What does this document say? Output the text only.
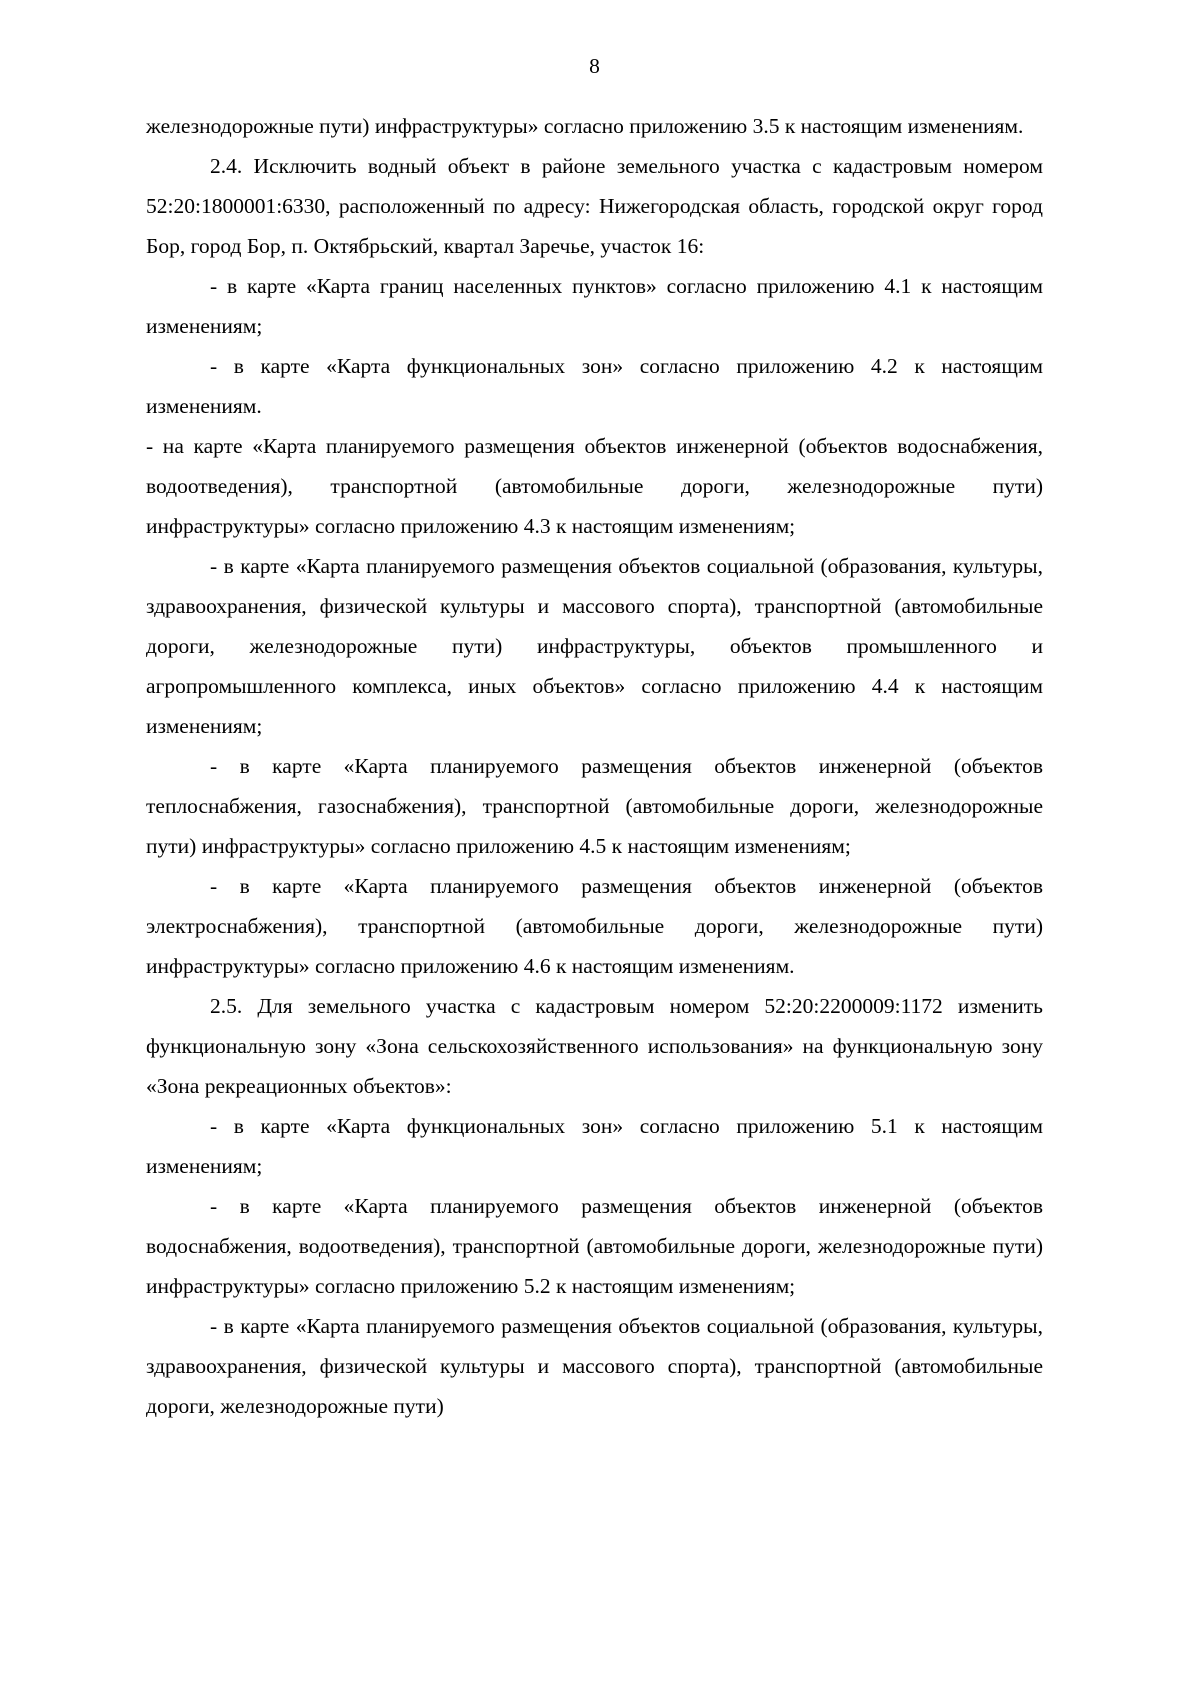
8

железнодорожные пути) инфраструктуры» согласно приложению 3.5 к настоящим изменениям.

2.4. Исключить водный объект в районе земельного участка с кадастровым номером 52:20:1800001:6330, расположенный по адресу: Нижегородская область, городской округ город Бор, город Бор, п. Октябрьский, квартал Заречье, участок 16:

- в карте «Карта границ населенных пунктов» согласно приложению 4.1 к настоящим изменениям;

- в карте «Карта функциональных зон» согласно приложению 4.2 к настоящим изменениям.

- на карте «Карта планируемого размещения объектов инженерной (объектов водоснабжения, водоотведения), транспортной (автомобильные дороги, железнодорожные пути) инфраструктуры» согласно приложению 4.3 к настоящим изменениям;

- в карте «Карта планируемого размещения объектов социальной (образования, культуры, здравоохранения, физической культуры и массового спорта), транспортной (автомобильные дороги, железнодорожные пути) инфраструктуры, объектов промышленного и агропромышленного комплекса, иных объектов» согласно приложению 4.4 к настоящим изменениям;

- в карте «Карта планируемого размещения объектов инженерной (объектов теплоснабжения, газоснабжения), транспортной (автомобильные дороги, железнодорожные пути) инфраструктуры» согласно приложению 4.5 к настоящим изменениям;

- в карте «Карта планируемого размещения объектов инженерной (объектов электроснабжения), транспортной (автомобильные дороги, железнодорожные пути) инфраструктуры» согласно приложению 4.6 к настоящим изменениям.

2.5. Для земельного участка с кадастровым номером 52:20:2200009:1172 изменить функциональную зону «Зона сельскохозяйственного использования» на функциональную зону «Зона рекреационных объектов»:

- в карте «Карта функциональных зон» согласно приложению 5.1 к настоящим изменениям;

- в карте «Карта планируемого размещения объектов инженерной (объектов водоснабжения, водоотведения), транспортной (автомобильные дороги, железнодорожные пути) инфраструктуры» согласно приложению 5.2 к настоящим изменениям;

- в карте «Карта планируемого размещения объектов социальной (образования, культуры, здравоохранения, физической культуры и массового спорта), транспортной (автомобильные дороги, железнодорожные пути)
